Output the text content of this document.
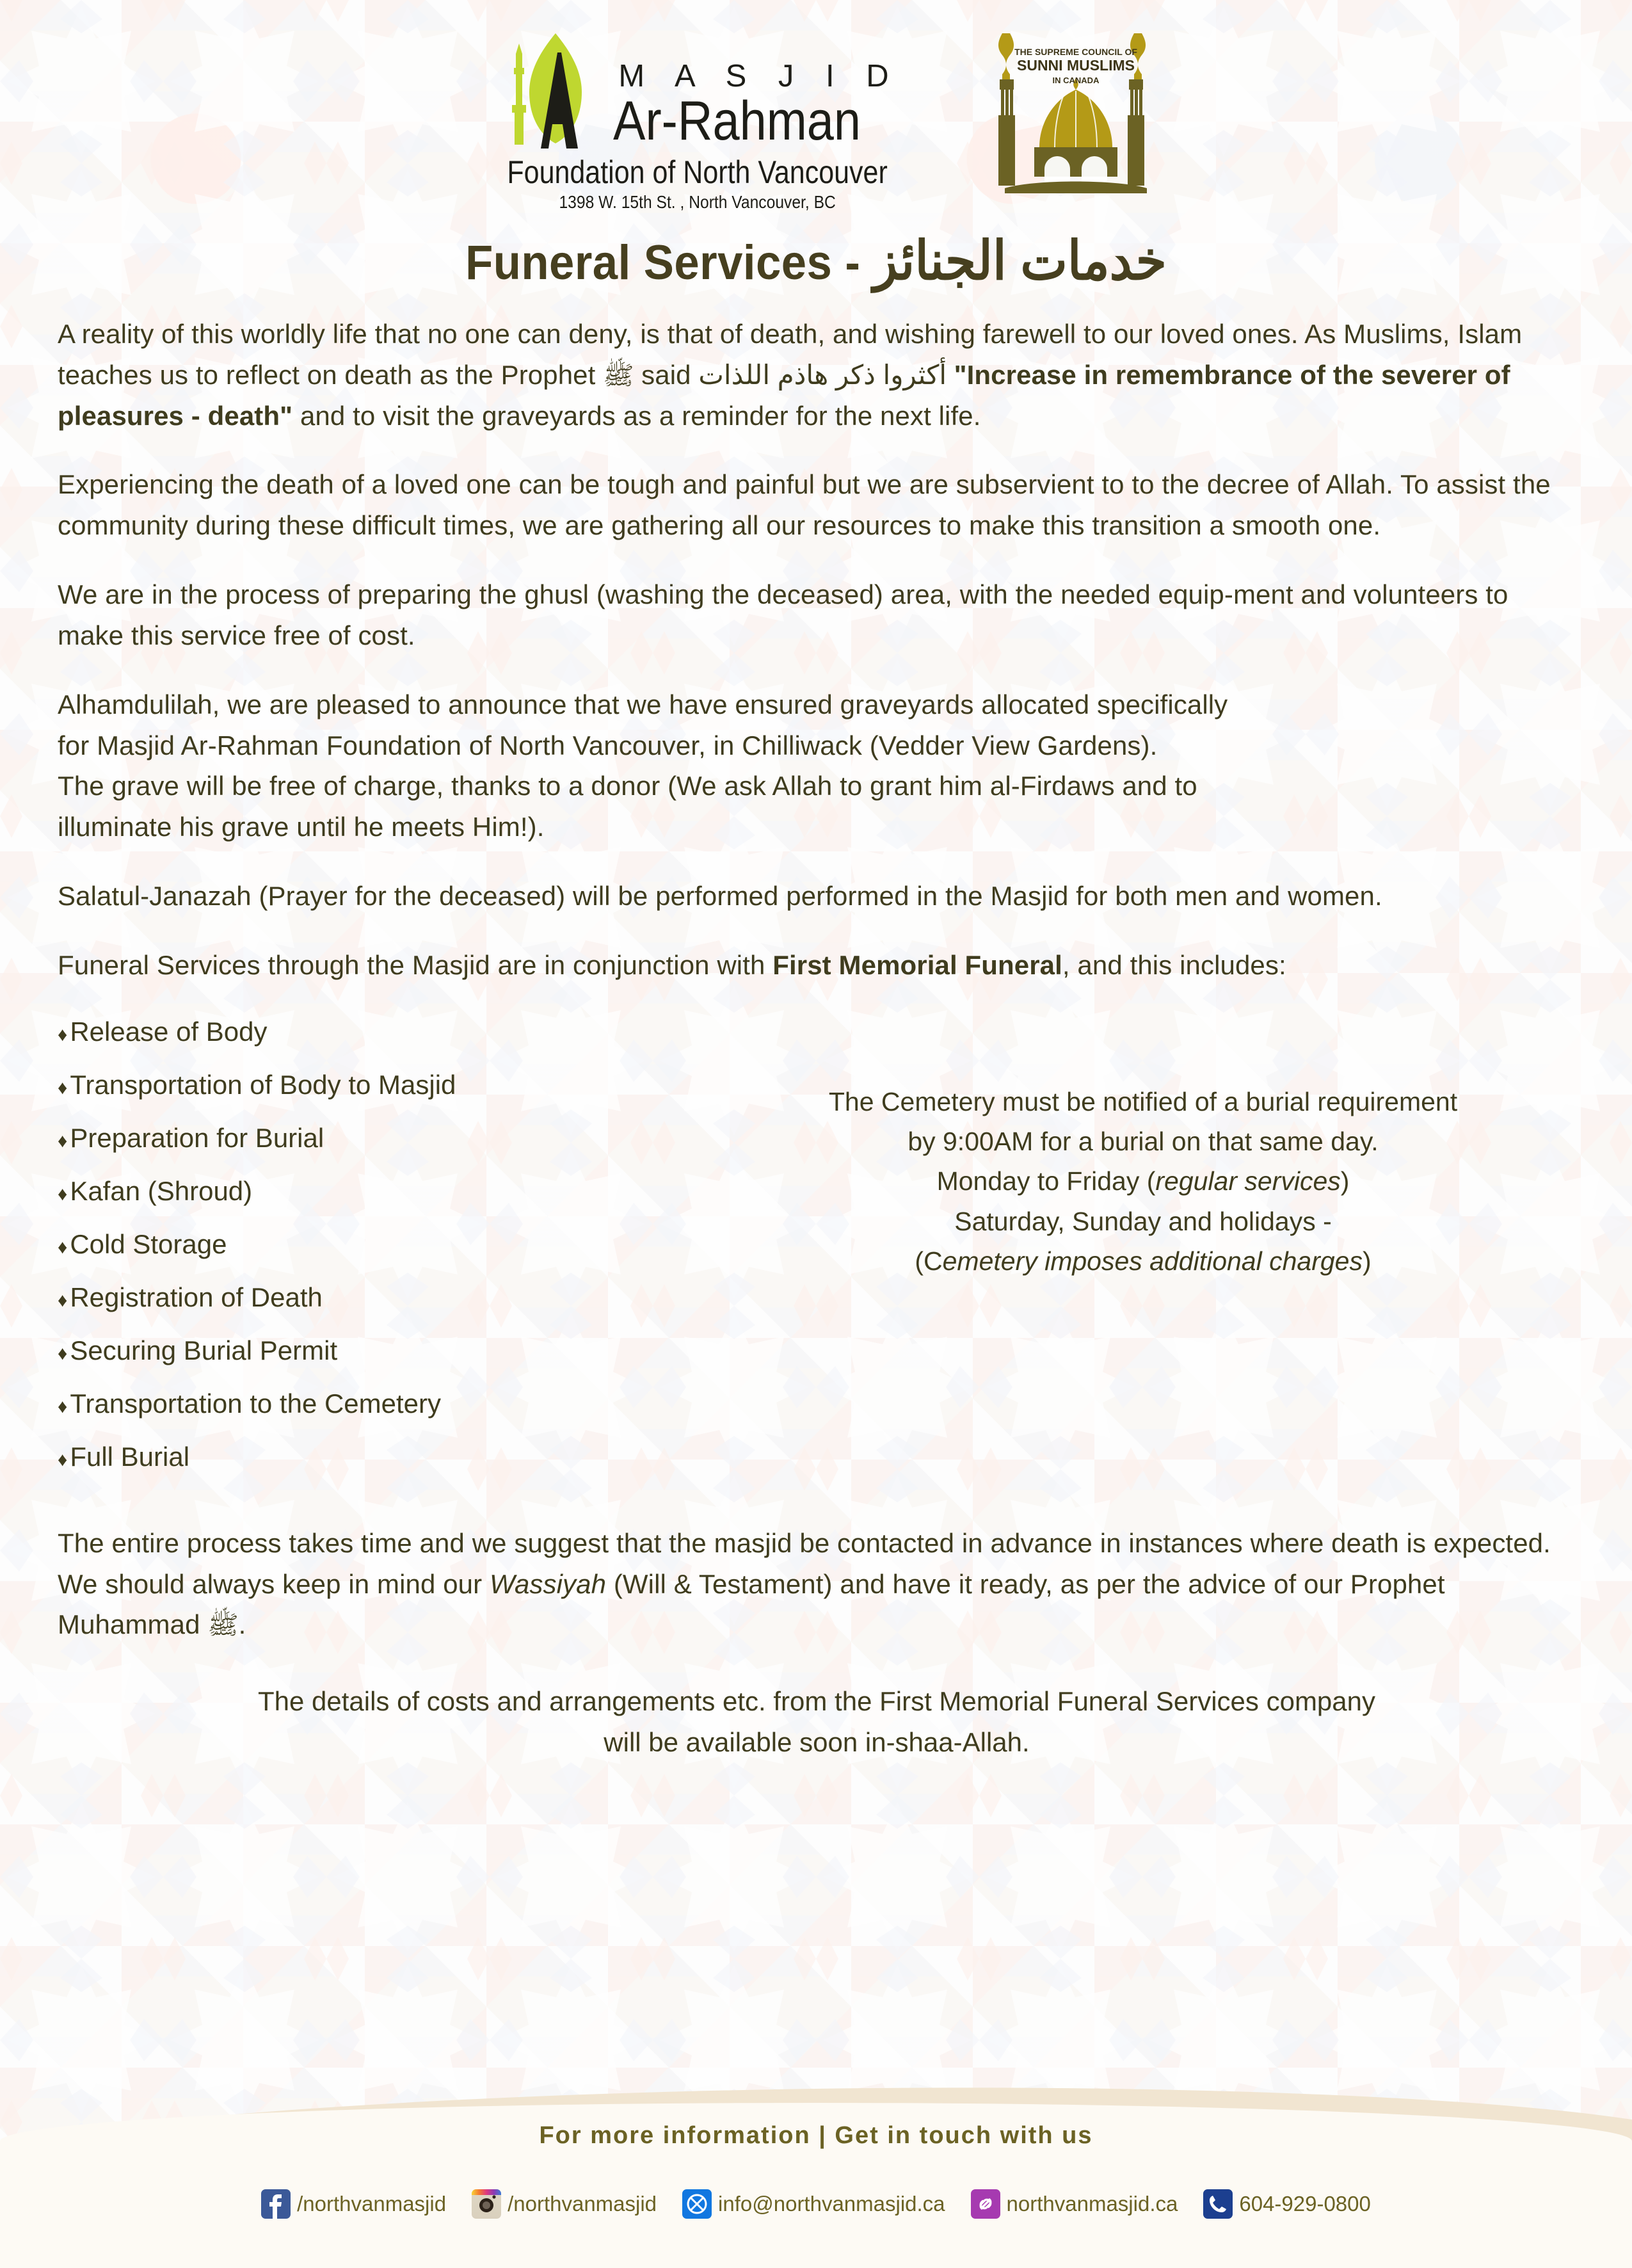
M A S J I D
Ar-Rahman
Foundation of North Vancouver
1398 W. 15th St. , North Vancouver, BC
THE SUPREME COUNCIL OF
SUNNI MUSLIMS
IN CANADA
Funeral Services - خدمات الجنائز

A reality of this worldly life that no one can deny, is that of death, and wishing farewell to our loved ones. As Muslims, Islam teaches us to reflect on death as the Prophet ﷺ said أكثروا ذكر هاذم اللذات "Increase in remembrance of the severer of pleasures - death" and to visit the graveyards as a reminder for the next life.

Experiencing the death of a loved one can be tough and painful but we are subservient to to the decree of Allah. To assist the community during these difficult times, we are gathering all our resources to make this transition a smooth one.

We are in the process of preparing the ghusl (washing the deceased) area, with the needed equip-ment and volunteers to make this service free of cost.

Alhamdulilah, we are pleased to announce that we have ensured graveyards allocated specifically
for Masjid Ar-Rahman Foundation of North Vancouver, in Chilliwack (Vedder View Gardens).
The grave will be free of charge, thanks to a donor (We ask Allah to grant him al-Firdaws and to
illuminate his grave until he meets Him!).

Salatul-Janazah (Prayer for the deceased) will be performed performed in the Masjid for both men and women.

Funeral Services through the Masjid are in conjunction with First Memorial Funeral, and this includes:

♦ Release of Body
♦ Transportation of Body to Masjid
♦ Preparation for Burial
♦ Kafan (Shroud)
♦ Cold Storage
♦ Registration of Death
♦ Securing Burial Permit
♦ Transportation to the Cemetery
♦ Full Burial
The Cemetery must be notified of a burial requirement
by 9:00AM for a burial on that same day.
Monday to Friday (regular services)
Saturday, Sunday and holidays -
(Cemetery imposes additional charges)

The entire process takes time and we suggest that the masjid be contacted in advance in instances where death is expected. We should always keep in mind our Wassiyah (Will & Testament) and have it ready, as per the advice of our Prophet Muhammad ﷺ.

The details of costs and arrangements etc. from the First Memorial Funeral Services company
will be available soon in-shaa-Allah.
For more information | Get in touch with us
/northvanmasjid	/northvanmasjid	info@northvanmasjid.ca	northvanmasjid.ca	604-929-0800
